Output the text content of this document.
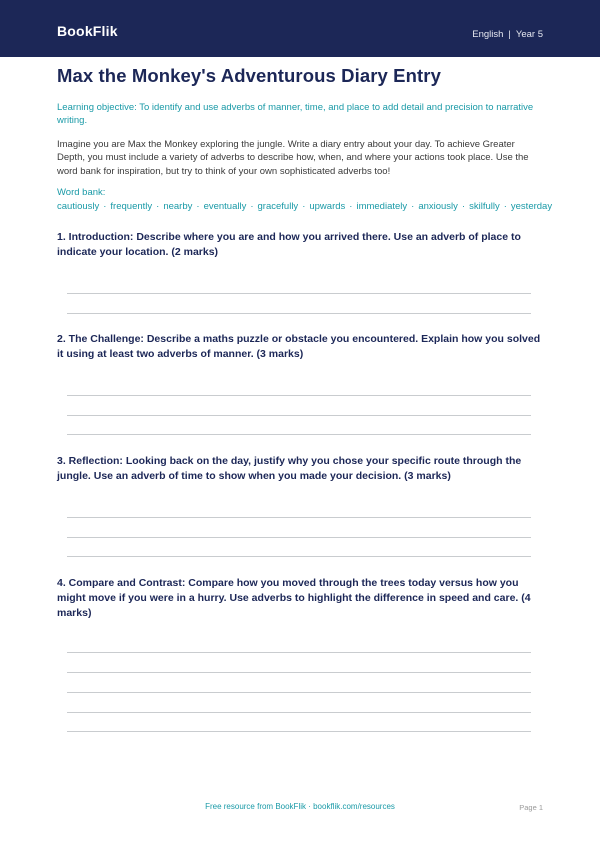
BookFlik	English | Year 5
Max the Monkey's Adventurous Diary Entry
Learning objective: To identify and use adverbs of manner, time, and place to add detail and precision to narrative writing.
Imagine you are Max the Monkey exploring the jungle. Write a diary entry about your day. To achieve Greater Depth, you must include a variety of adverbs to describe how, when, and where your actions took place. Use the word bank for inspiration, but try to think of your own sophisticated adverbs too!
Word bank: cautiously · frequently · nearby · eventually · gracefully · upwards · immediately · anxiously · skilfully · yesterday
1. Introduction: Describe where you are and how you arrived there. Use an adverb of place to indicate your location. (2 marks)
2. The Challenge: Describe a maths puzzle or obstacle you encountered. Explain how you solved it using at least two adverbs of manner. (3 marks)
3. Reflection: Looking back on the day, justify why you chose your specific route through the jungle. Use an adverb of time to show when you made your decision. (3 marks)
4. Compare and Contrast: Compare how you moved through the trees today versus how you might move if you were in a hurry. Use adverbs to highlight the difference in speed and care. (4 marks)
Free resource from BookFlik · bookflik.com/resources	Page 1
